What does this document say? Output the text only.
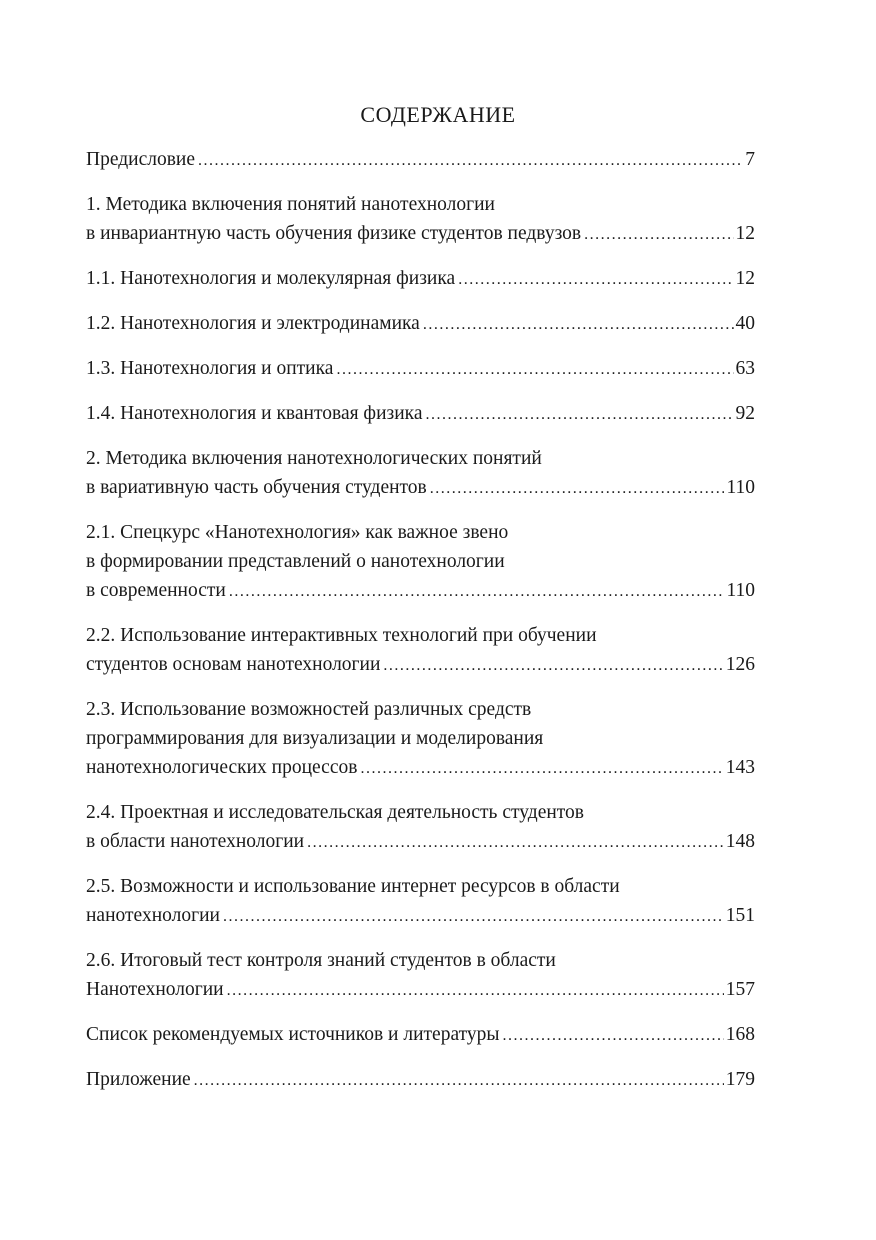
СОДЕРЖАНИЕ
Предисловие .....	7
1. Методика включения понятий нанотехнологии
в инвариантную часть обучения физике студентов педвузов .....	12
1.1. Нанотехнология и молекулярная физика .....	12
1.2. Нанотехнология и электродинамика .....	40
1.3. Нанотехнология и оптика .....	63
1.4. Нанотехнология и квантовая физика .....	92
2. Методика включения нанотехнологических понятий
в вариативную часть обучения студентов .....	110
2.1. Спецкурс «Нанотехнология» как важное звено
в формировании представлений о нанотехнологии
в современности .....	110
2.2. Использование интерактивных технологий при обучении
студентов основам нанотехнологии .....	126
2.3. Использование возможностей различных средств
программирования для визуализации и моделирования
нанотехнологических процессов .....	143
2.4. Проектная и исследовательская деятельность студентов
в области нанотехнологии .....	148
2.5. Возможности и использование интернет ресурсов в области
нанотехнологии .....	151
2.6. Итоговый тест контроля знаний студентов в области
Нанотехнологии .....	157
Список рекомендуемых источников и литературы .....	168
Приложение .....	179
